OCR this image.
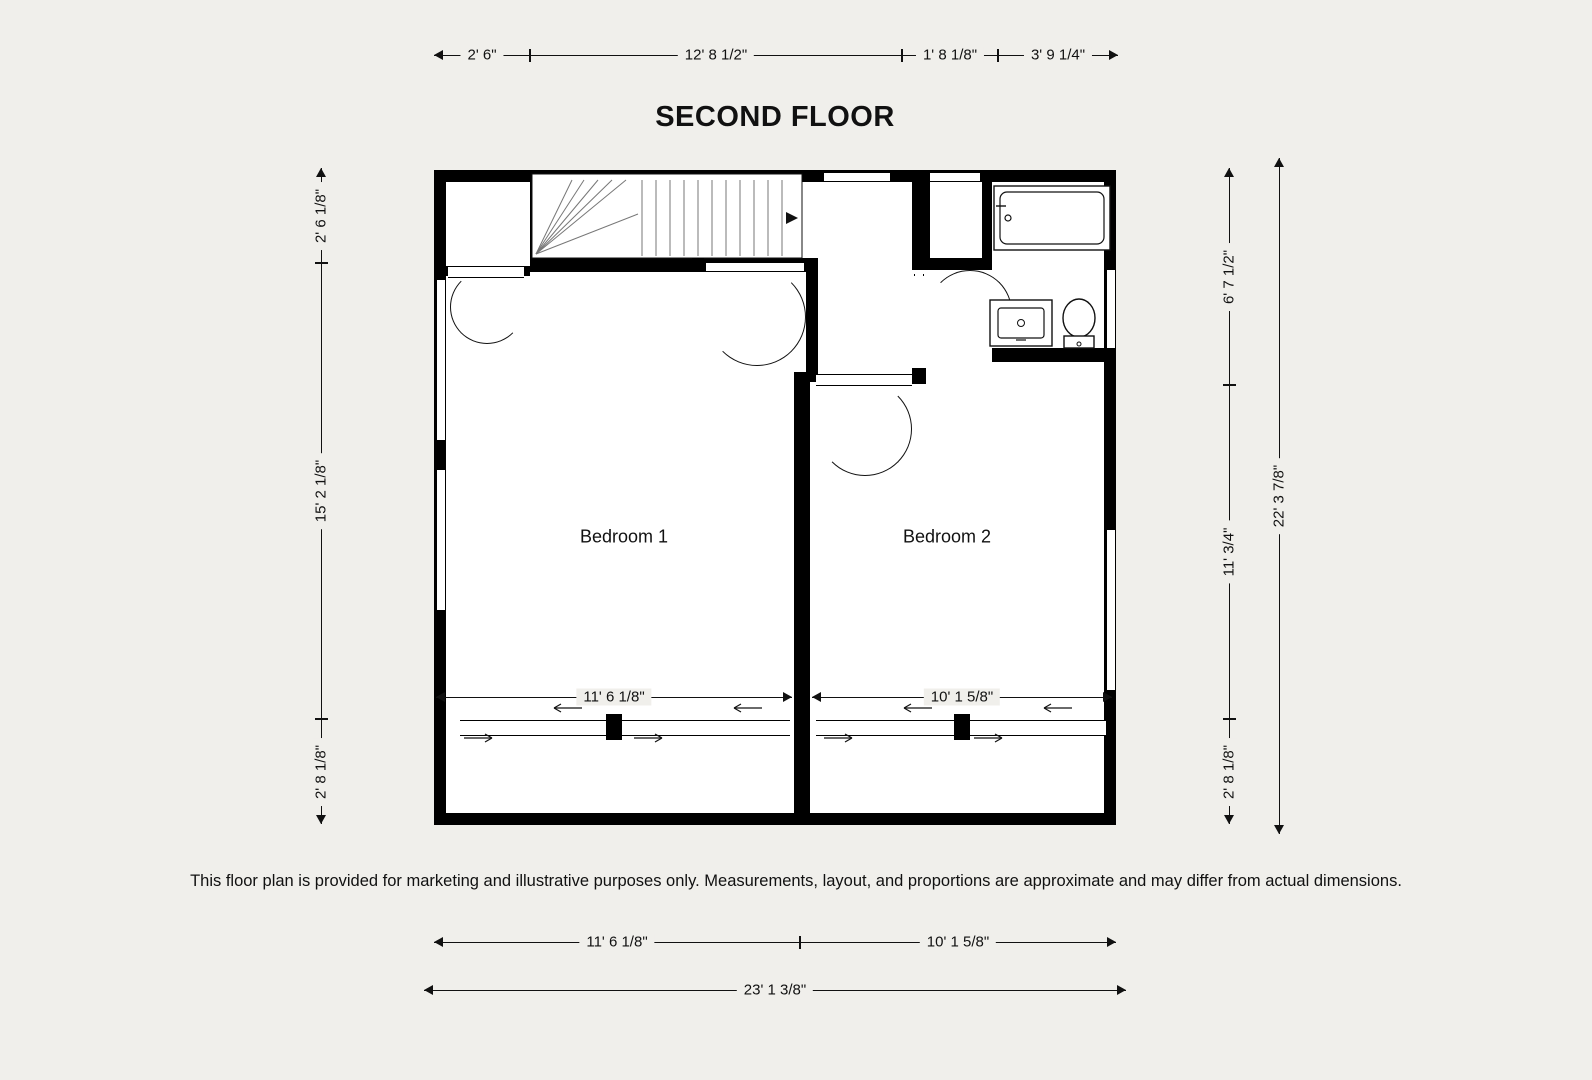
SECOND FLOOR
2' 6"	12' 8 1/2"	1' 8 1/8"	3' 9 1/4"
2' 6 1/8"
15' 2 1/8"
2' 8 1/8"
6' 7 1/2"
11' 3/4"
2' 8 1/8"
22' 3 7/8"
11' 6 1/8"	10' 1 5/8"
23' 1 3/8"
11' 6 1/8"	10' 1 5/8"
Bedroom 1	Bedroom 2
This floor plan is provided for marketing and illustrative purposes only. Measurements, layout, and proportions are approximate and may differ from actual dimensions.
